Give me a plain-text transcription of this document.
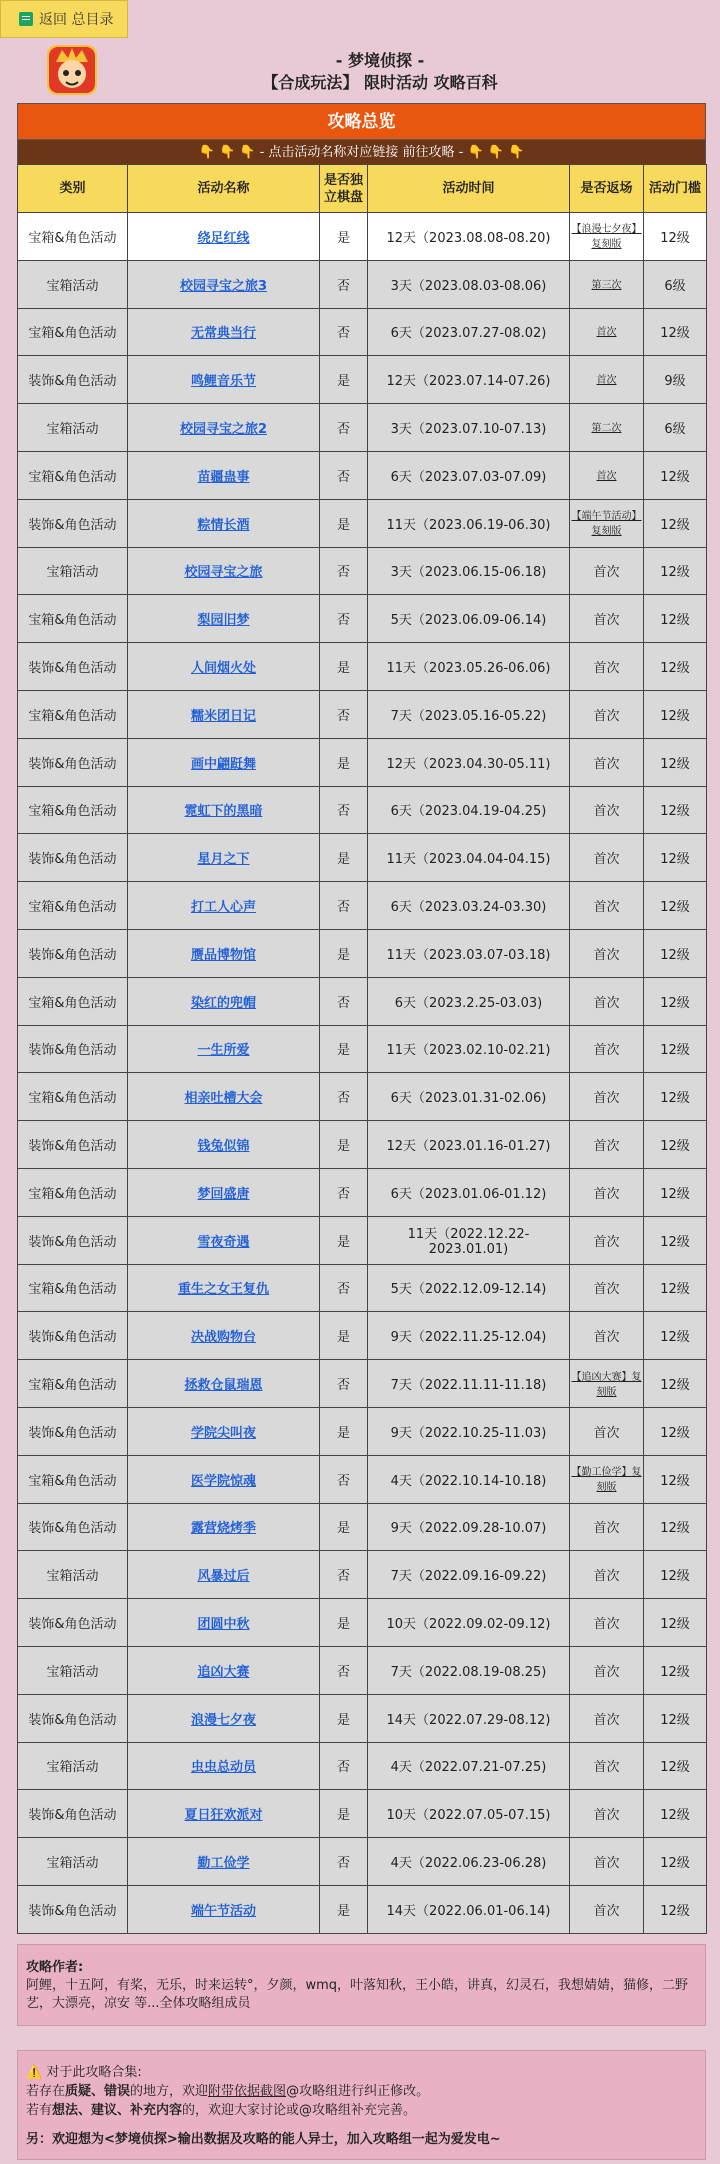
返回 总目录
- 梦境侦探 -
【合成玩法】 限时活动 攻略百科
攻略总览
👇 👇 👇 - 点击活动名称对应链接 前往攻略 - 👇 👇 👇
类别	活动名称	是否独立棋盘	活动时间	是否返场	活动门槛
宝箱&角色活动	绕足红线	是	12天（2023.08.08-08.20)	【浪漫七夕夜】复刻版	12级
宝箱活动	校园寻宝之旅3	否	3天（2023.08.03-08.06)	第三次	6级
宝箱&角色活动	无常典当行	否	6天（2023.07.27-08.02)	首次	12级
装饰&角色活动	鸣鲤音乐节	是	12天（2023.07.14-07.26)	首次	9级
宝箱活动	校园寻宝之旅2	否	3天（2023.07.10-07.13)	第二次	6级
宝箱&角色活动	苗疆蛊事	否	6天（2023.07.03-07.09)	首次	12级
装饰&角色活动	粽情长酒	是	11天（2023.06.19-06.30)	【端午节活动】复刻版	12级
宝箱活动	校园寻宝之旅	否	3天（2023.06.15-06.18)	首次	12级
宝箱&角色活动	梨园旧梦	否	5天（2023.06.09-06.14)	首次	12级
装饰&角色活动	人间烟火处	是	11天（2023.05.26-06.06)	首次	12级
宝箱&角色活动	糯米团日记	否	7天（2023.05.16-05.22)	首次	12级
装饰&角色活动	画中翩跹舞	是	12天（2023.04.30-05.11)	首次	12级
宝箱&角色活动	霓虹下的黑暗	否	6天（2023.04.19-04.25)	首次	12级
装饰&角色活动	星月之下	是	11天（2023.04.04-04.15)	首次	12级
宝箱&角色活动	打工人心声	否	6天（2023.03.24-03.30)	首次	12级
装饰&角色活动	赝品博物馆	是	11天（2023.03.07-03.18)	首次	12级
宝箱&角色活动	染红的兜帽	否	6天（2023.2.25-03.03)	首次	12级
装饰&角色活动	一生所爱	是	11天（2023.02.10-02.21)	首次	12级
宝箱&角色活动	相亲吐槽大会	否	6天（2023.01.31-02.06)	首次	12级
装饰&角色活动	钱兔似锦	是	12天（2023.01.16-01.27)	首次	12级
宝箱&角色活动	梦回盛唐	否	6天（2023.01.06-01.12)	首次	12级
装饰&角色活动	雪夜奇遇	是	11天（2022.12.22-2023.01.01)	首次	12级
宝箱&角色活动	重生之女王复仇	否	5天（2022.12.09-12.14)	首次	12级
装饰&角色活动	决战购物台	是	9天（2022.11.25-12.04)	首次	12级
宝箱&角色活动	拯救仓鼠瑞恩	否	7天（2022.11.11-11.18)	【追凶大赛】复刻版	12级
装饰&角色活动	学院尖叫夜	是	9天（2022.10.25-11.03)	首次	12级
宝箱&角色活动	医学院惊魂	否	4天（2022.10.14-10.18)	【勤工俭学】复刻版	12级
装饰&角色活动	露营烧烤季	是	9天（2022.09.28-10.07)	首次	12级
宝箱活动	风暴过后	否	7天（2022.09.16-09.22)	首次	12级
装饰&角色活动	团圆中秋	是	10天（2022.09.02-09.12)	首次	12级
宝箱活动	追凶大赛	否	7天（2022.08.19-08.25)	首次	12级
装饰&角色活动	浪漫七夕夜	是	14天（2022.07.29-08.12)	首次	12级
宝箱活动	虫虫总动员	否	4天（2022.07.21-07.25)	首次	12级
装饰&角色活动	夏日狂欢派对	是	10天（2022.07.05-07.15)	首次	12级
宝箱活动	勤工俭学	否	4天（2022.06.23-06.28)	首次	12级
装饰&角色活动	端午节活动	是	14天（2022.06.01-06.14)	首次	12级
攻略作者:
阿鲤，十五阿，有桨，无乐，时来运转°，夕颜，wmq，叶落知秋，王小皓，讲真，幻灵石，我想婧婧，猫修，二野艺，大漂亮，凉安 等...全体攻略组成员
⚠️ 对于此攻略合集:
若存在质疑、错误的地方，欢迎附带依据截图@攻略组进行纠正修改。
若有想法、建议、补充内容的，欢迎大家讨论或@攻略组补充完善。
另：欢迎想为<梦境侦探>输出数据及攻略的能人异士，加入攻略组一起为爱发电~
